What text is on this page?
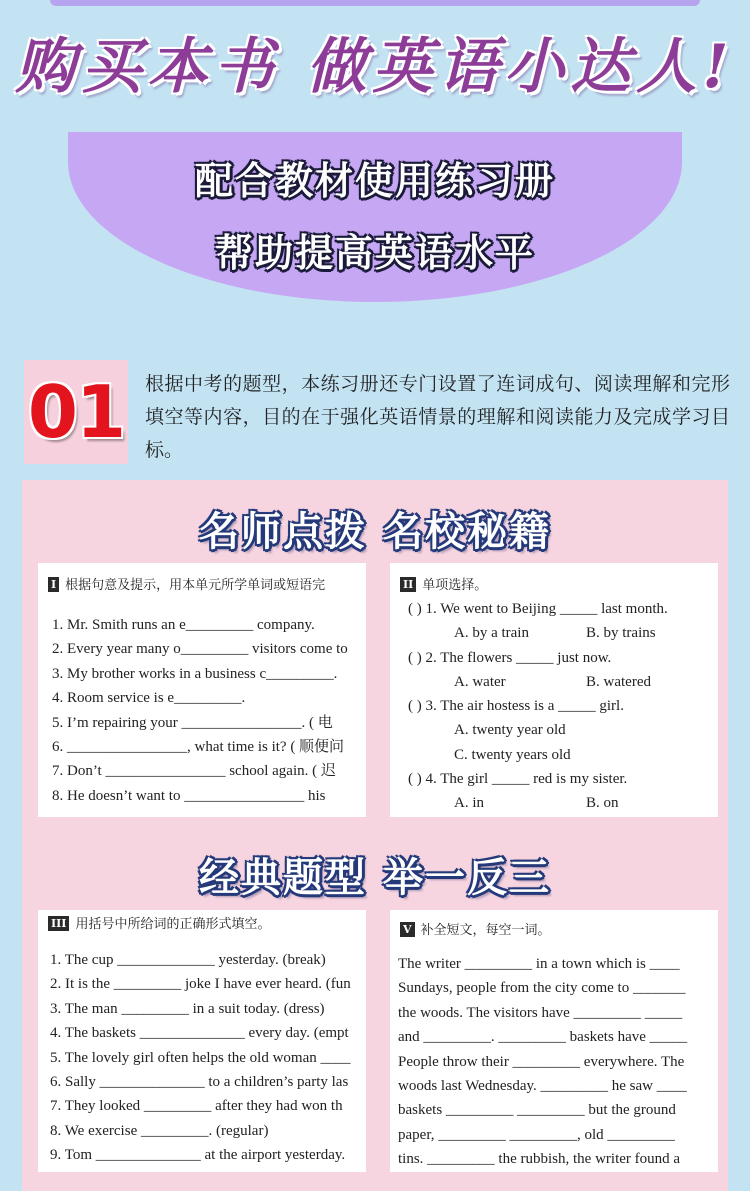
购买本书 做英语小达人!
配合教材使用练习册
帮助提高英语水平
01 根据中考的题型，本练习册还专门设置了连词成句、阅读理解和完形填空等内容，目的在于强化英语情景的理解和阅读能力及完成学习目标。
名师点拨 名校秘籍
I 根据句意及提示，用本单元所学单词或短语完
1. Mr. Smith runs an e_________ company.
2. Every year many o_________ visitors come to
3. My brother works in a business c_________.
4. Room service is e_________.
5. I’m repairing your ________________. ( 电
6. ________________, what time is it? ( 顺便问
7. Don’t ________________ school again. ( 迟
8. He doesn’t want to ________________ his
II 单项选择。
( ) 1. We went to Beijing _____ last month.
A. by a train	B. by trains
( ) 2. The flowers _____ just now.
A. water	B. watered
( ) 3. The air hostess is a _____ girl.
A. twenty year old
C. twenty years old
( ) 4. The girl _____ red is my sister.
A. in	B. on
经典题型 举一反三
III 用括号中所给词的正确形式填空。
1. The cup _____________ yesterday. (break)
2. It is the _________ joke I have ever heard. (fun
3. The man _________ in a suit today. (dress)
4. The baskets ______________ every day. (empt
5. The lovely girl often helps the old woman ____
6. Sally ______________ to a children’s party las
7. They looked _________ after they had won th
8. We exercise _________. (regular)
9. Tom ______________ at the airport yesterday.
V 补全短文，每空一词。
The writer _________ in a town which is ____
Sundays, people from the city come to _______
the woods. The visitors have _________ _____
and _________. _________ baskets have _____
People throw their _________ everywhere. The
woods last Wednesday. _________ he saw ____
baskets _________ _________ but the ground
paper, _________ _________, old _________
tins. _________ the rubbish, the writer found a
